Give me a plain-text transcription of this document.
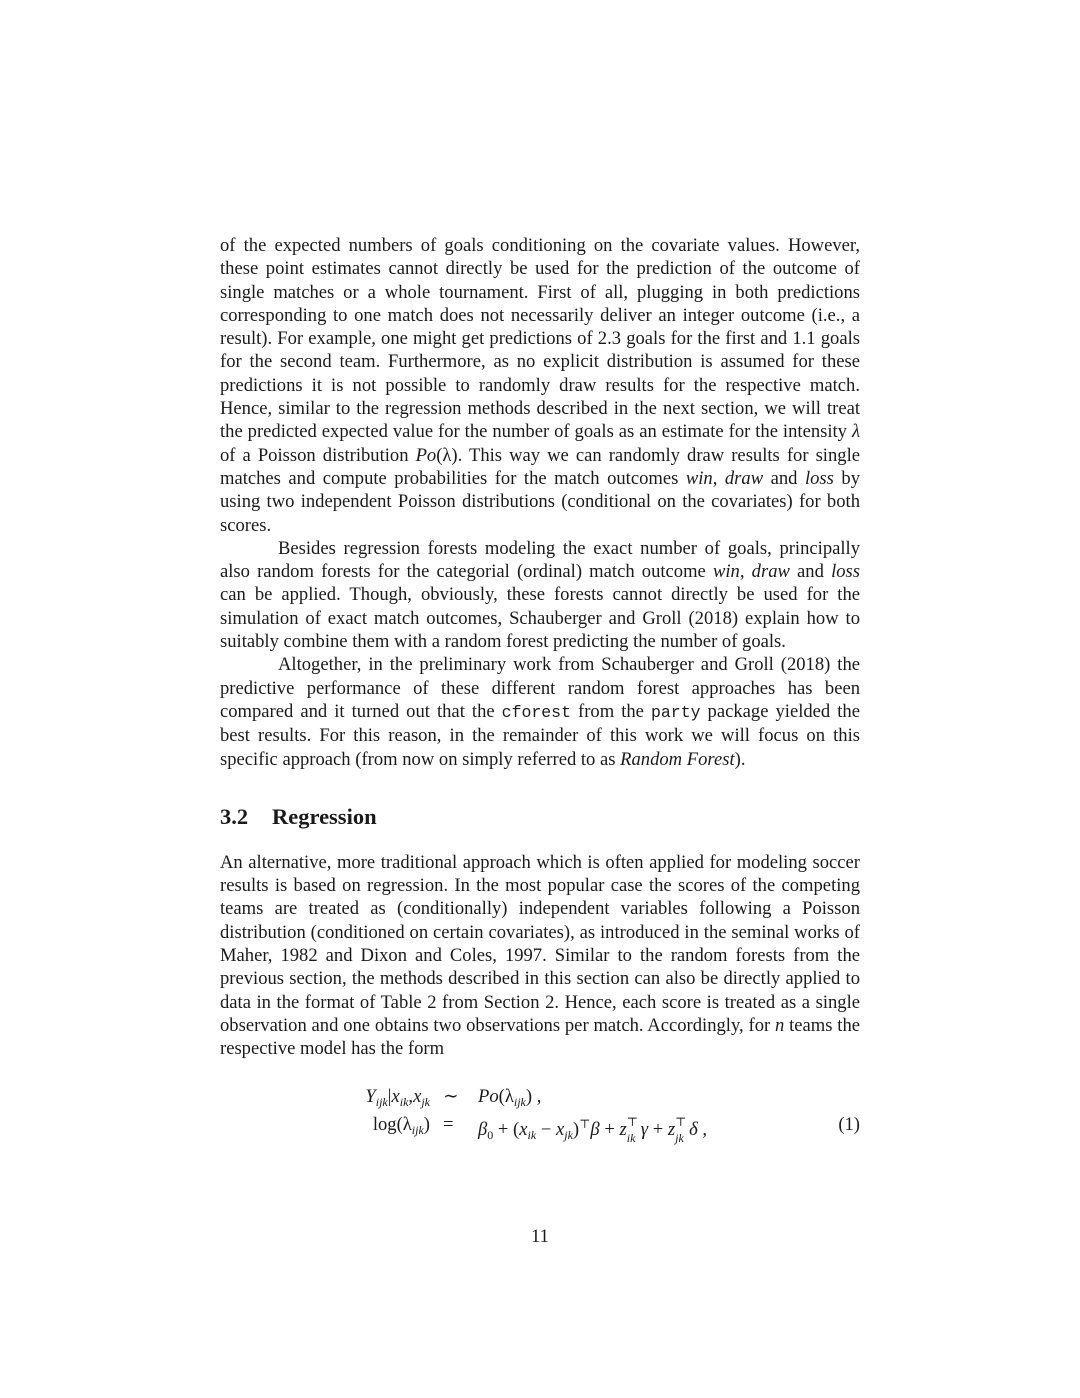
of the expected numbers of goals conditioning on the covariate values. However, these point estimates cannot directly be used for the prediction of the outcome of single matches or a whole tournament. First of all, plugging in both predictions corresponding to one match does not necessarily deliver an integer outcome (i.e., a result). For example, one might get predictions of 2.3 goals for the first and 1.1 goals for the second team. Furthermore, as no explicit distribution is assumed for these predictions it is not possible to randomly draw results for the respective match. Hence, similar to the regression methods described in the next section, we will treat the predicted expected value for the number of goals as an estimate for the intensity λ of a Poisson distribution Po(λ). This way we can randomly draw results for single matches and compute probabilities for the match outcomes win, draw and loss by using two independent Poisson distributions (conditional on the covariates) for both scores.

Besides regression forests modeling the exact number of goals, principally also random forests for the categorial (ordinal) match outcome win, draw and loss can be applied. Though, obviously, these forests cannot directly be used for the simulation of exact match outcomes, Schauberger and Groll (2018) explain how to suitably combine them with a random forest predicting the number of goals.

Altogether, in the preliminary work from Schauberger and Groll (2018) the predictive performance of these different random forest approaches has been compared and it turned out that the cforest from the party package yielded the best results. For this reason, in the remainder of this work we will focus on this specific approach (from now on simply referred to as Random Forest).

3.2 Regression

An alternative, more traditional approach which is often applied for modeling soccer results is based on regression. In the most popular case the scores of the competing teams are treated as (conditionally) independent variables following a Poisson distribution (conditioned on certain covariates), as introduced in the seminal works of Maher, 1982 and Dixon and Coles, 1997. Similar to the random forests from the previous section, the methods described in this section can also be directly applied to data in the format of Table 2 from Section 2. Hence, each score is treated as a single observation and one obtains two observations per match. Accordingly, for n teams the respective model has the form

$Y_{ijk}|x_{ik},x_{jk}$ ∼ $Po(\lambda_{ijk})$ ,
$\log(\lambda_{ijk}) = \beta_0 + (x_{ik} - x_{jk})^⊤\beta + z$ ⊤
ik γ + z ⊤
jk δ ,	(1)
11
